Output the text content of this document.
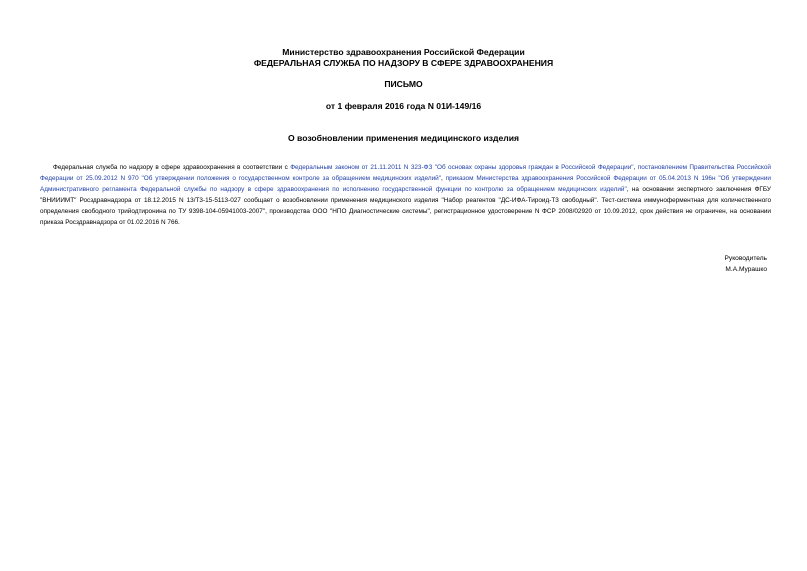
Министерство здравоохранения Российской Федерации
ФЕДЕРАЛЬНАЯ СЛУЖБА ПО НАДЗОРУ В СФЕРЕ ЗДРАВООХРАНЕНИЯ
ПИСЬМО
от 1 февраля 2016 года N 01И-149/16
О возобновлении применения медицинского изделия
Федеральная служба по надзору в сфере здравоохранения в соответствии с Федеральным законом от 21.11.2011 N 323-ФЗ "Об основах охраны здоровья граждан в Российской Федерации", постановлением Правительства Российской Федерации от 25.09.2012 N 970 "Об утверждении положения о государственном контроле за обращением медицинских изделий", приказом Министерства здравоохранения Российской Федерации от 05.04.2013 N 196н "Об утверждении Административного регламента Федеральной службы по надзору в сфере здравоохранения по исполнению государственной функции по контролю за обращением медицинских изделий", на основании экспертного заключения ФГБУ "ВНИИИМТ" Росздравнадзора от 18.12.2015 N 13/Т3-15-5113-027 сообщает о возобновлении применения медицинского изделия "Набор реагентов "ДС-ИФА-Тироид-Т3 свободный". Тест-система иммуноферментная для количественного определения свободного трийодтиронина по ТУ 9398-104-05941003-2007", производства ООО "НПО Диагностические системы", регистрационное удостоверение N ФСР 2008/02920 от 10.09.2012, срок действия не ограничен, на основании приказа Росздравнадзора от 01.02.2016 N 766.
Руководитель
М.А.Мурашко
